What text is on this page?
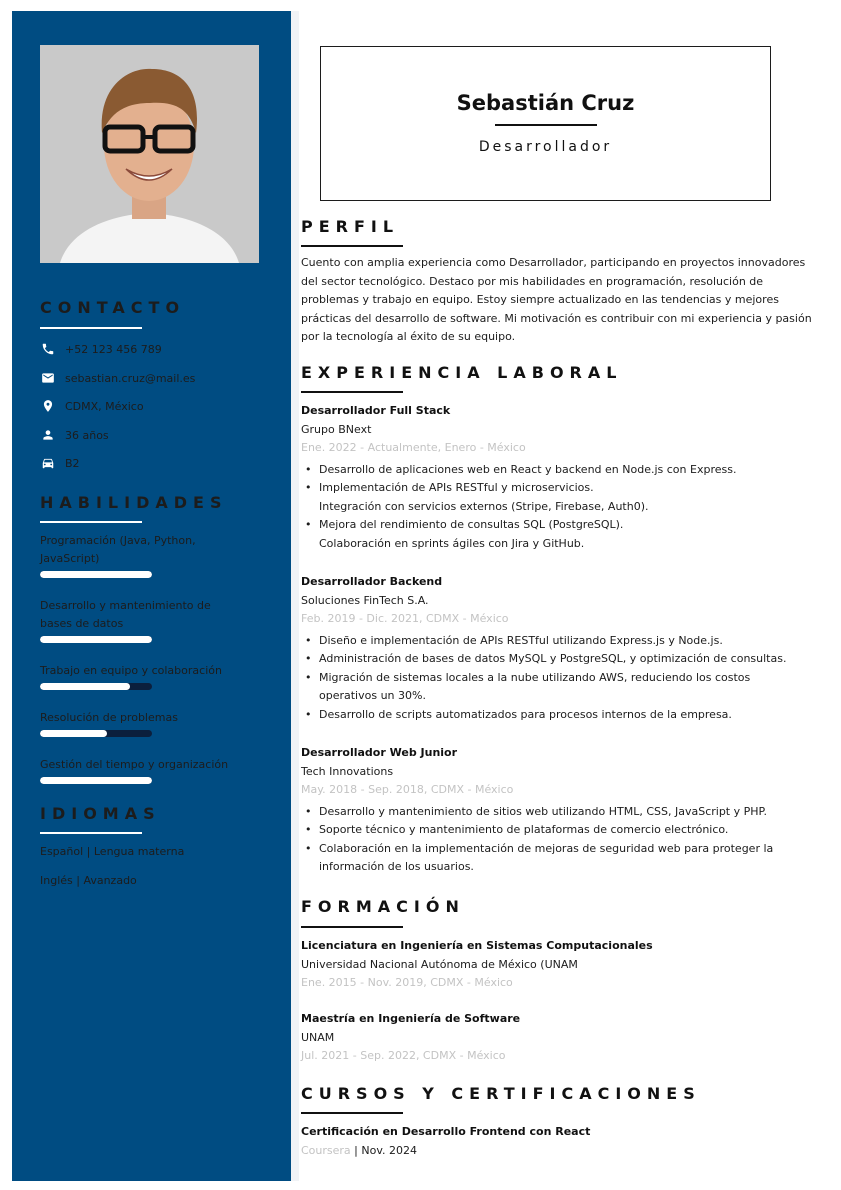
CONTACTO
+52 123 456 789
sebastian.cruz@mail.es
CDMX, México
36 años
B2
HABILIDADES
Programación (Java, Python, JavaScript)
Desarrollo y mantenimiento de bases de datos
Trabajo en equipo y colaboración
Resolución de problemas
Gestión del tiempo y organización
IDIOMAS
Español | Lengua materna
Inglés | Avanzado
Sebastián Cruz
Desarrollador
PERFIL
Cuento con amplia experiencia como Desarrollador, participando en proyectos innovadores del sector tecnológico. Destaco por mis habilidades en programación, resolución de problemas y trabajo en equipo. Estoy siempre actualizado en las tendencias y mejores prácticas del desarrollo de software. Mi motivación es contribuir con mi experiencia y pasión por la tecnología al éxito de su equipo.
EXPERIENCIA LABORAL
Desarrollador Full Stack
Grupo BNext
Ene. 2022 - Actualmente, Enero - México
• Desarrollo de aplicaciones web en React y backend en Node.js con Express.
• Implementación de APIs RESTful y microservicios.
Integración con servicios externos (Stripe, Firebase, Auth0).
• Mejora del rendimiento de consultas SQL (PostgreSQL).
Colaboración en sprints ágiles con Jira y GitHub.
Desarrollador Backend
Soluciones FinTech S.A.
Feb. 2019 - Dic. 2021, CDMX - México
• Diseño e implementación de APIs RESTful utilizando Express.js y Node.js.
• Administración de bases de datos MySQL y PostgreSQL, y optimización de consultas.
• Migración de sistemas locales a la nube utilizando AWS, reduciendo los costos operativos un 30%.
• Desarrollo de scripts automatizados para procesos internos de la empresa.
Desarrollador Web Junior
Tech Innovations
May. 2018 - Sep. 2018, CDMX - México
• Desarrollo y mantenimiento de sitios web utilizando HTML, CSS, JavaScript y PHP.
• Soporte técnico y mantenimiento de plataformas de comercio electrónico.
• Colaboración en la implementación de mejoras de seguridad web para proteger la información de los usuarios.
FORMACIÓN
Licenciatura en Ingeniería en Sistemas Computacionales
Universidad Nacional Autónoma de México (UNAM
Ene. 2015 - Nov. 2019, CDMX - México
Maestría en Ingeniería de Software
UNAM
Jul. 2021 - Sep. 2022, CDMX - México
CURSOS Y CERTIFICACIONES
Certificación en Desarrollo Frontend con React
Coursera | Nov. 2024
